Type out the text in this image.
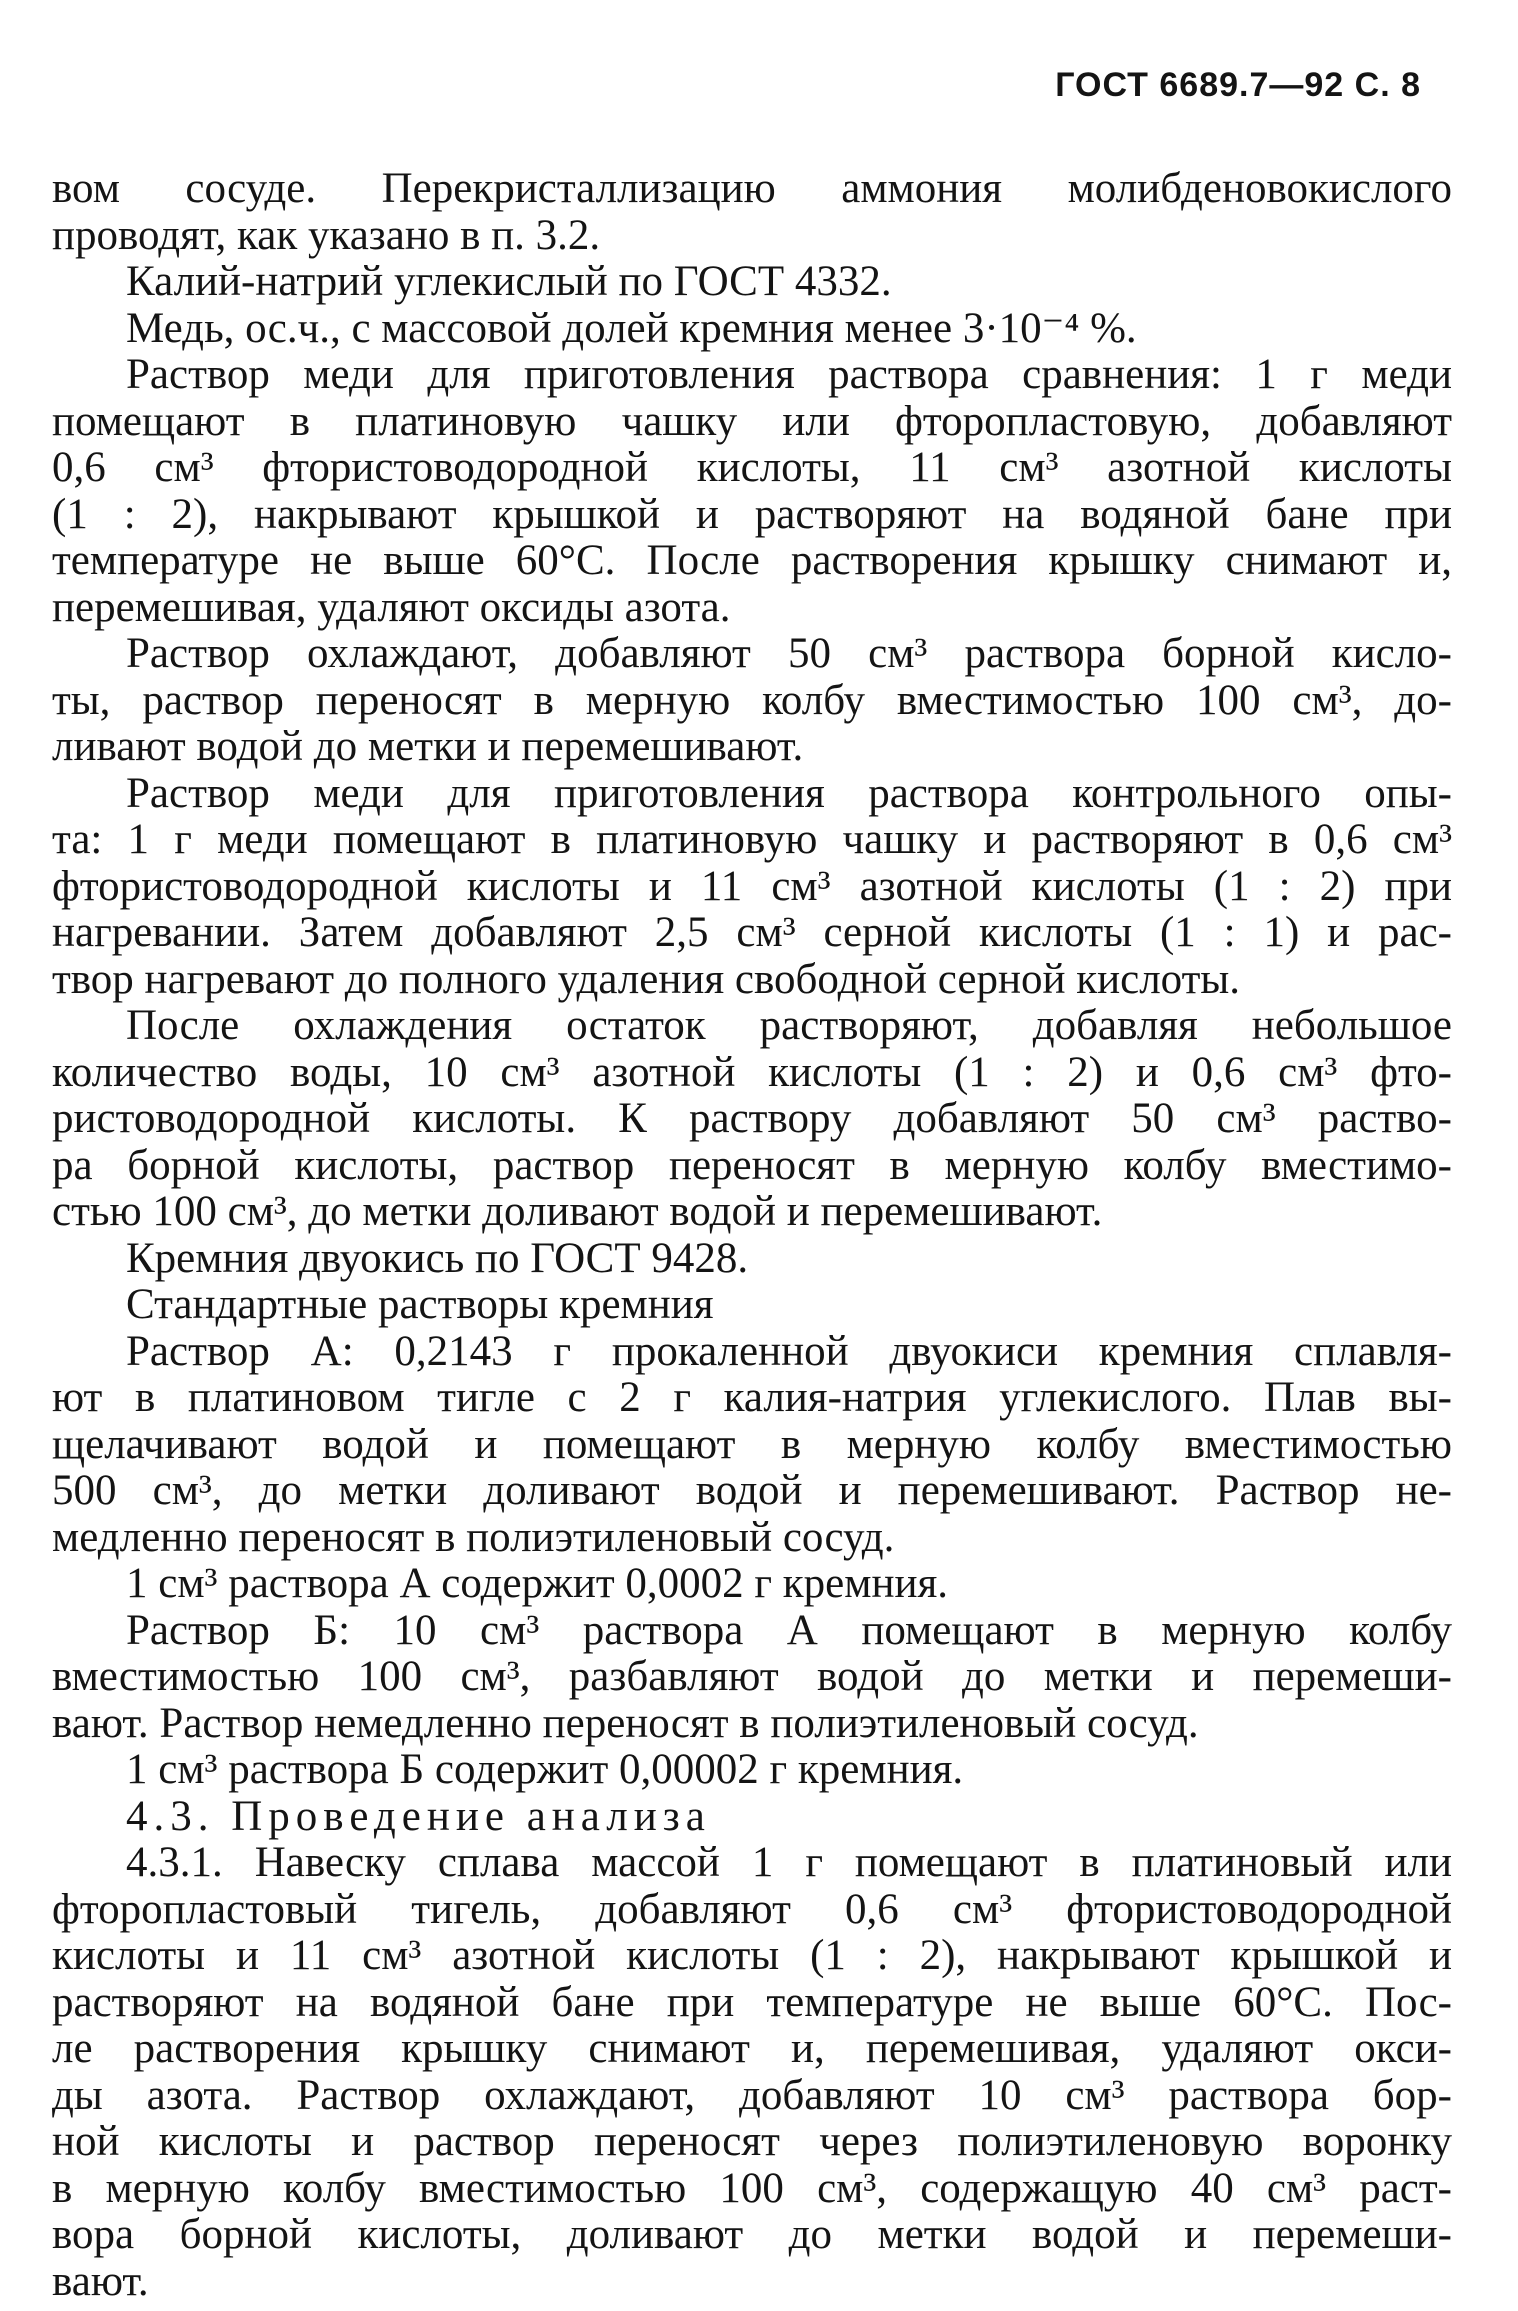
ГОСТ 6689.7—92 С. 8
вом сосуде. Перекристаллизацию аммония молибденовокислого
проводят, как указано в п. 3.2.
Калий-натрий углекислый по ГОСТ 4332.
Медь, ос.ч., с массовой долей кремния менее 3·10⁻⁴ %.
Раствор меди для приготовления раствора сравнения: 1 г меди
помещают в платиновую чашку или фторопластовую, добавляют
0,6 см³ фтористоводородной кислоты, 11 см³ азотной кислоты
(1 : 2), накрывают крышкой и растворяют на водяной бане при
температуре не выше 60°С. После растворения крышку снимают и,
перемешивая, удаляют оксиды азота.
Раствор охлаждают, добавляют 50 см³ раствора борной кисло-
ты, раствор переносят в мерную колбу вместимостью 100 см³, до-
ливают водой до метки и перемешивают.
Раствор меди для приготовления раствора контрольного опы-
та: 1 г меди помещают в платиновую чашку и растворяют в 0,6 см³
фтористоводородной кислоты и 11 см³ азотной кислоты (1 : 2) при
нагревании. Затем добавляют 2,5 см³ серной кислоты (1 : 1) и рас-
твор нагревают до полного удаления свободной серной кислоты.
После охлаждения остаток растворяют, добавляя небольшое
количество воды, 10 см³ азотной кислоты (1 : 2) и 0,6 см³ фто-
ристоводородной кислоты. К раствору добавляют 50 см³ раство-
ра борной кислоты, раствор переносят в мерную колбу вместимо-
стью 100 см³, до метки доливают водой и перемешивают.
Кремния двуокись по ГОСТ 9428.
Стандартные растворы кремния
Раствор А: 0,2143 г прокаленной двуокиси кремния сплавля-
ют в платиновом тигле с 2 г калия-натрия углекислого. Плав вы-
щелачивают водой и помещают в мерную колбу вместимостью
500 см³, до метки доливают водой и перемешивают. Раствор не-
медленно переносят в полиэтиленовый сосуд.
1 см³ раствора А содержит 0,0002 г кремния.
Раствор Б: 10 см³ раствора А помещают в мерную колбу
вместимостью 100 см³, разбавляют водой до метки и перемеши-
вают. Раствор немедленно переносят в полиэтиленовый сосуд.
1 см³ раствора Б содержит 0,00002 г кремния.
4.3. Проведение анализа
4.3.1. Навеску сплава массой 1 г помещают в платиновый или
фторопластовый тигель, добавляют 0,6 см³ фтористоводородной
кислоты и 11 см³ азотной кислоты (1 : 2), накрывают крышкой и
растворяют на водяной бане при температуре не выше 60°С. Пос-
ле растворения крышку снимают и, перемешивая, удаляют окси-
ды азота. Раствор охлаждают, добавляют 10 см³ раствора бор-
ной кислоты и раствор переносят через полиэтиленовую воронку
в мерную колбу вместимостью 100 см³, содержащую 40 см³ раст-
вора борной кислоты, доливают до метки водой и перемеши-
вают.
